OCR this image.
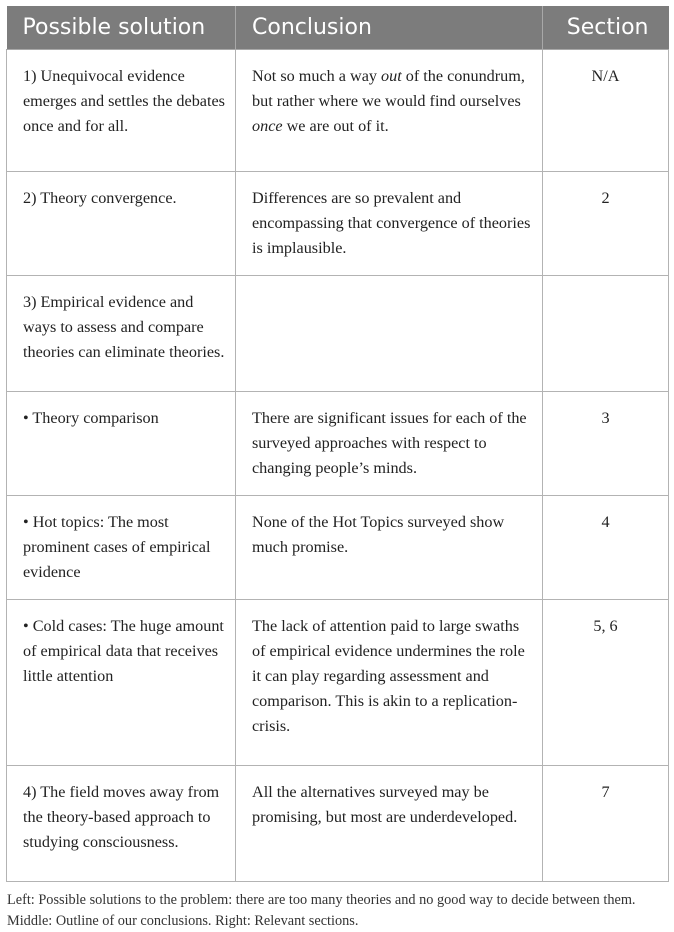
Possible solution	Conclusion	Section
1) Unequivocal evidence emerges and settles the debates once and for all.	Not so much a way out of the conundrum, but rather where we would find ourselves once we are out of it.	N/A
2) Theory convergence.	Differences are so prevalent and encompassing that convergence of theories is implausible.	2
3) Empirical evidence and ways to assess and compare theories can eliminate theories.		
• Theory comparison	There are significant issues for each of the surveyed approaches with respect to changing people’s minds.	3
• Hot topics: The most prominent cases of empirical evidence	None of the Hot Topics surveyed show much promise.	4
• Cold cases: The huge amount of empirical data that receives little attention	The lack of attention paid to large swaths of empirical evidence undermines the role it can play regarding assessment and comparison. This is akin to a replication-crisis.	5, 6
4) The field moves away from the theory-based approach to studying consciousness.	All the alternatives surveyed may be promising, but most are underdeveloped.	7
Left: Possible solutions to the problem: there are too many theories and no good way to decide between them. Middle: Outline of our conclusions. Right: Relevant sections.
